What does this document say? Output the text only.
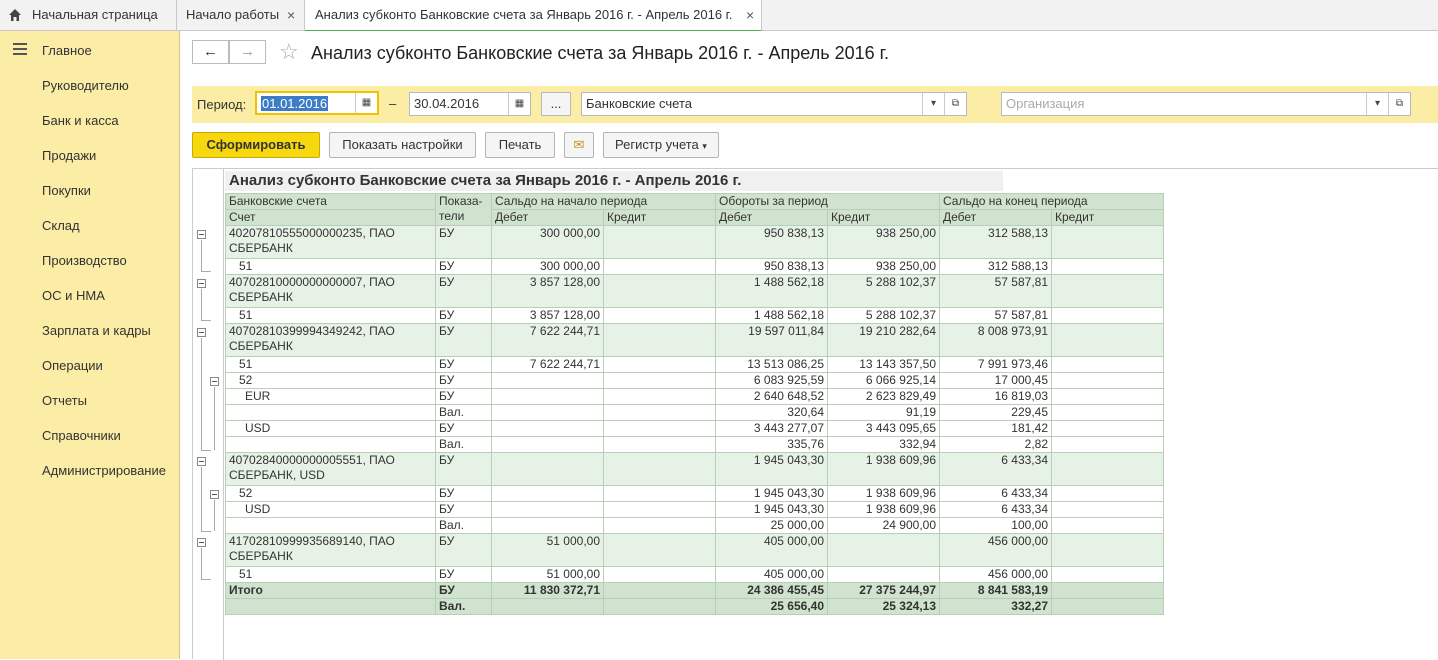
Начальная страница Начало работы × Анализ субконто Банковские счета за Январь 2016 г. - Апрель 2016 г. ×
Главное
Руководителю
Банк и касса
Продажи
Покупки
Склад
Производство
ОС и НМА
Зарплата и кадры
Операции
Отчеты
Справочники
Администрирование
←	→	☆ Анализ субконто Банковские счета за Январь 2016 г. - Апрель 2016 г.
Период:	01.01.2016	▦	–	30.04.2016	▦	...	Банковские счета	▾	⧉	Организация	▾	⧉
Сформировать	Показать настройки	Печать	✉	Регистр учета ▾
Анализ субконто Банковские счета за Январь 2016 г. - Апрель 2016 г.
Банковские счета	Показа-тели	Сальдо на начало периода		Обороты за период		Сальдо на конец периода	
Счет		Дебет	Кредит	Дебет	Кредит	Дебет	Кредит
40207810555000000235, ПАО СБЕРБАНК	БУ	300 000,00		950 838,13	938 250,00	312 588,13	
51	БУ	300 000,00		950 838,13	938 250,00	312 588,13	
40702810000000000007, ПАО СБЕРБАНК	БУ	3 857 128,00		1 488 562,18	5 288 102,37	57 587,81	
51	БУ	3 857 128,00		1 488 562,18	5 288 102,37	57 587,81	
40702810399994349242, ПАО СБЕРБАНК	БУ	7 622 244,71		19 597 011,84	19 210 282,64	8 008 973,91	
51	БУ	7 622 244,71		13 513 086,25	13 143 357,50	7 991 973,46	
52	БУ			6 083 925,59	6 066 925,14	17 000,45	
EUR	БУ			2 640 648,52	2 623 829,49	16 819,03	
	Вал.			320,64	91,19	229,45	
USD	БУ			3 443 277,07	3 443 095,65	181,42	
	Вал.			335,76	332,94	2,82	
40702840000000005551, ПАО СБЕРБАНК, USD	БУ			1 945 043,30	1 938 609,96	6 433,34	
52	БУ			1 945 043,30	1 938 609,96	6 433,34	
USD	БУ			1 945 043,30	1 938 609,96	6 433,34	
	Вал.			25 000,00	24 900,00	100,00	
41702810999935689140, ПАО СБЕРБАНК	БУ	51 000,00		405 000,00		456 000,00	
51	БУ	51 000,00		405 000,00		456 000,00	
Итого	БУ	11 830 372,71		24 386 455,45	27 375 244,97	8 841 583,19	
	Вал.			25 656,40	25 324,13	332,27	
